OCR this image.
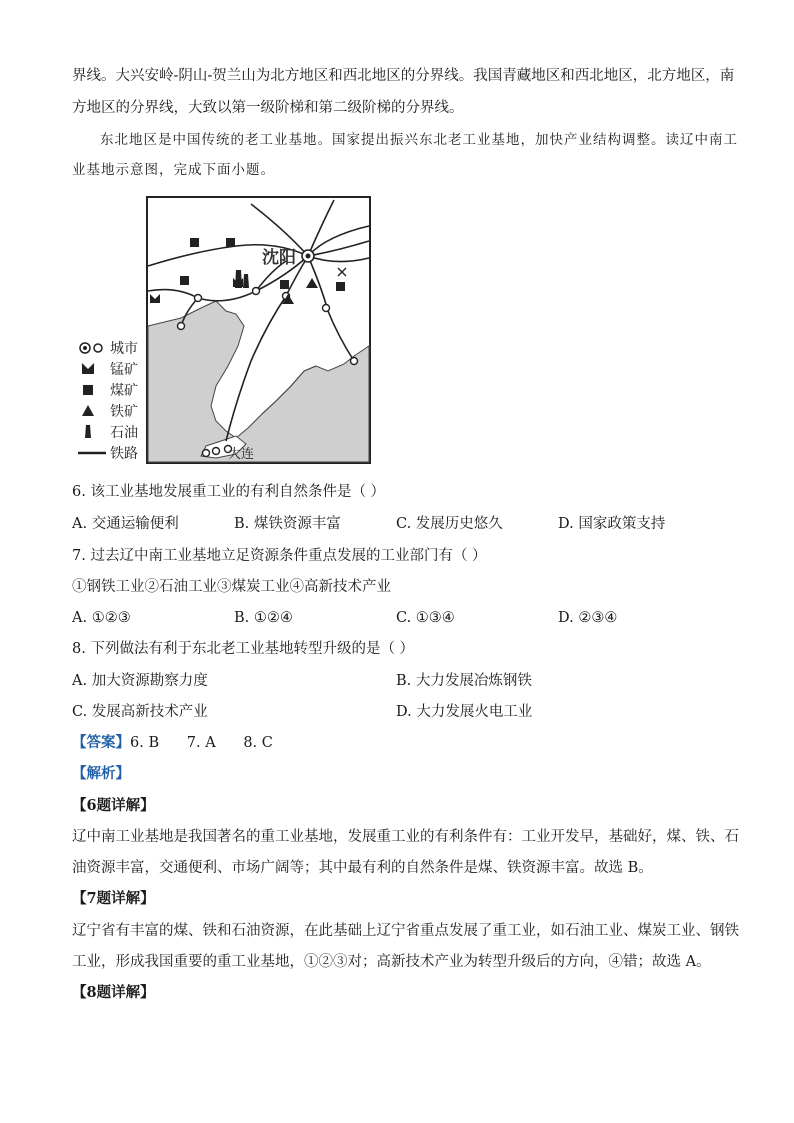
界线。大兴安岭-阴山-贺兰山为北方地区和西北地区的分界线。我国青藏地区和西北地区，北方地区，南
方地区的分界线，大致以第一级阶梯和第二级阶梯的分界线。
东北地区是中国传统的老工业基地。国家提出振兴东北老工业基地，加快产业结构调整。读辽中南工
业基地示意图，完成下面小题。
沈阳
大连
城市
锰矿
煤矿
铁矿
石油
铁路
6. 该工业基地发展重工业的有利自然条件是（ ）
A. 交通运输便利	B. 煤铁资源丰富	C. 发展历史悠久	D. 国家政策支持
7. 过去辽中南工业基地立足资源条件重点发展的工业部门有（ ）
①钢铁工业②石油工业③煤炭工业④高新技术产业
A. ①②③	B. ①②④	C. ①③④	D. ②③④
8. 下列做法有利于东北老工业基地转型升级的是（ ）
A. 加大资源勘察力度	B. 大力发展冶炼钢铁
C. 发展高新技术产业	D. 大力发展火电工业
【答案】6. B      7. A      8. C
【解析】
【6题详解】
辽中南工业基地是我国著名的重工业基地，发展重工业的有利条件有：工业开发早，基础好，煤、铁、石
油资源丰富，交通便利、市场广阔等；其中最有利的自然条件是煤、铁资源丰富。故选 B。
【7题详解】
辽宁省有丰富的煤、铁和石油资源，在此基础上辽宁省重点发展了重工业，如石油工业、煤炭工业、钢铁
工业，形成我国重要的重工业基地，①②③对；高新技术产业为转型升级后的方向，④错；故选 A。
【8题详解】
